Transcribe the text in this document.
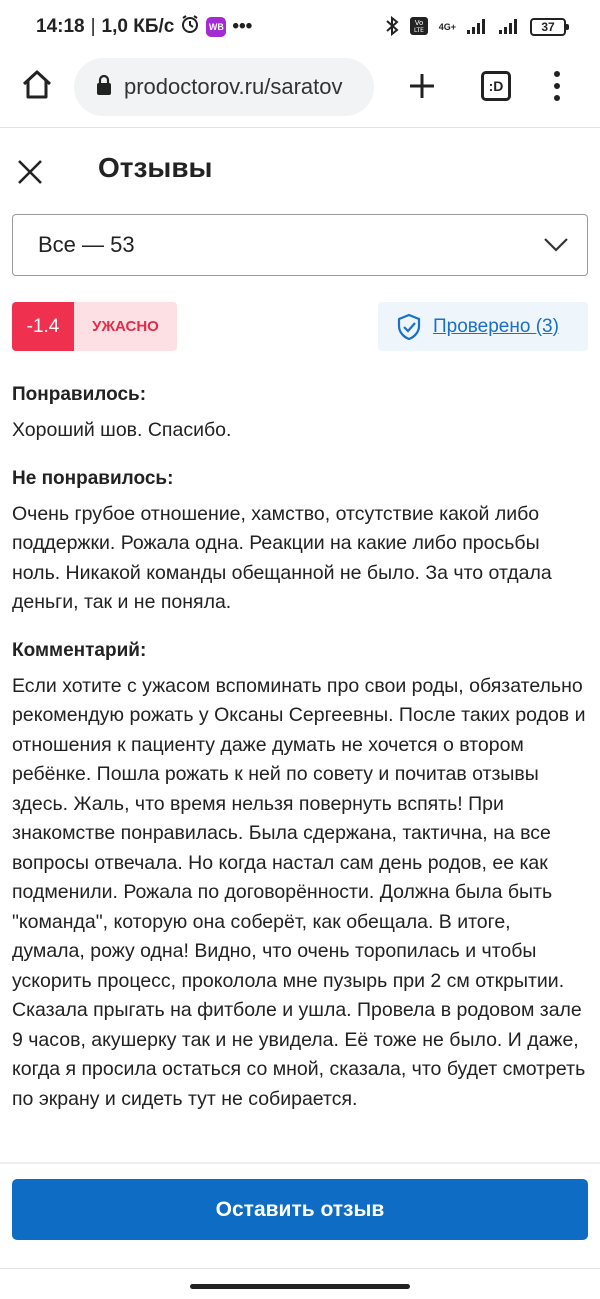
14:18 | 1,0 КБ/с	WB •••	Vo
LTE 4G+	37
prodoctorov.ru/saratov	:D
Отзывы
Все — 53
-1.4	УЖАСНО	Проверено (3)

Понравилось:

Хороший шов. Спасибо.

Не понравилось:

Очень грубое отношение, хамство, отсутствие какой либо поддержки. Рожала одна. Реакции на какие либо просьбы ноль. Никакой команды обещанной не было. За что отдала деньги, так и не поняла.

Комментарий:

Если хотите с ужасом вспоминать про свои роды, обязательно рекомендую рожать у Оксаны Сергеевны. После таких родов и отношения к пациенту даже думать не хочется о втором ребёнке. Пошла рожать к ней по совету и почитав отзывы здесь. Жаль, что время нельзя повернуть вспять! При знакомстве понравилась. Была сдержана, тактична, на все вопросы отвечала. Но когда настал сам день родов, ее как подменили. Рожала по договорённости. Должна была быть "команда", которую она соберёт, как обещала. В итоге, думала, рожу одна! Видно, что очень торопилась и чтобы ускорить процесс, проколола мне пузырь при 2 см открытии. Сказала прыгать на фитболе и ушла. Провела в родовом зале 9 часов, акушерку так и не увидела. Её тоже не было. И даже, когда я просила остаться со мной, сказала, что будет смотреть по экрану и сидеть тут не собирается.

Оставить отзыв
